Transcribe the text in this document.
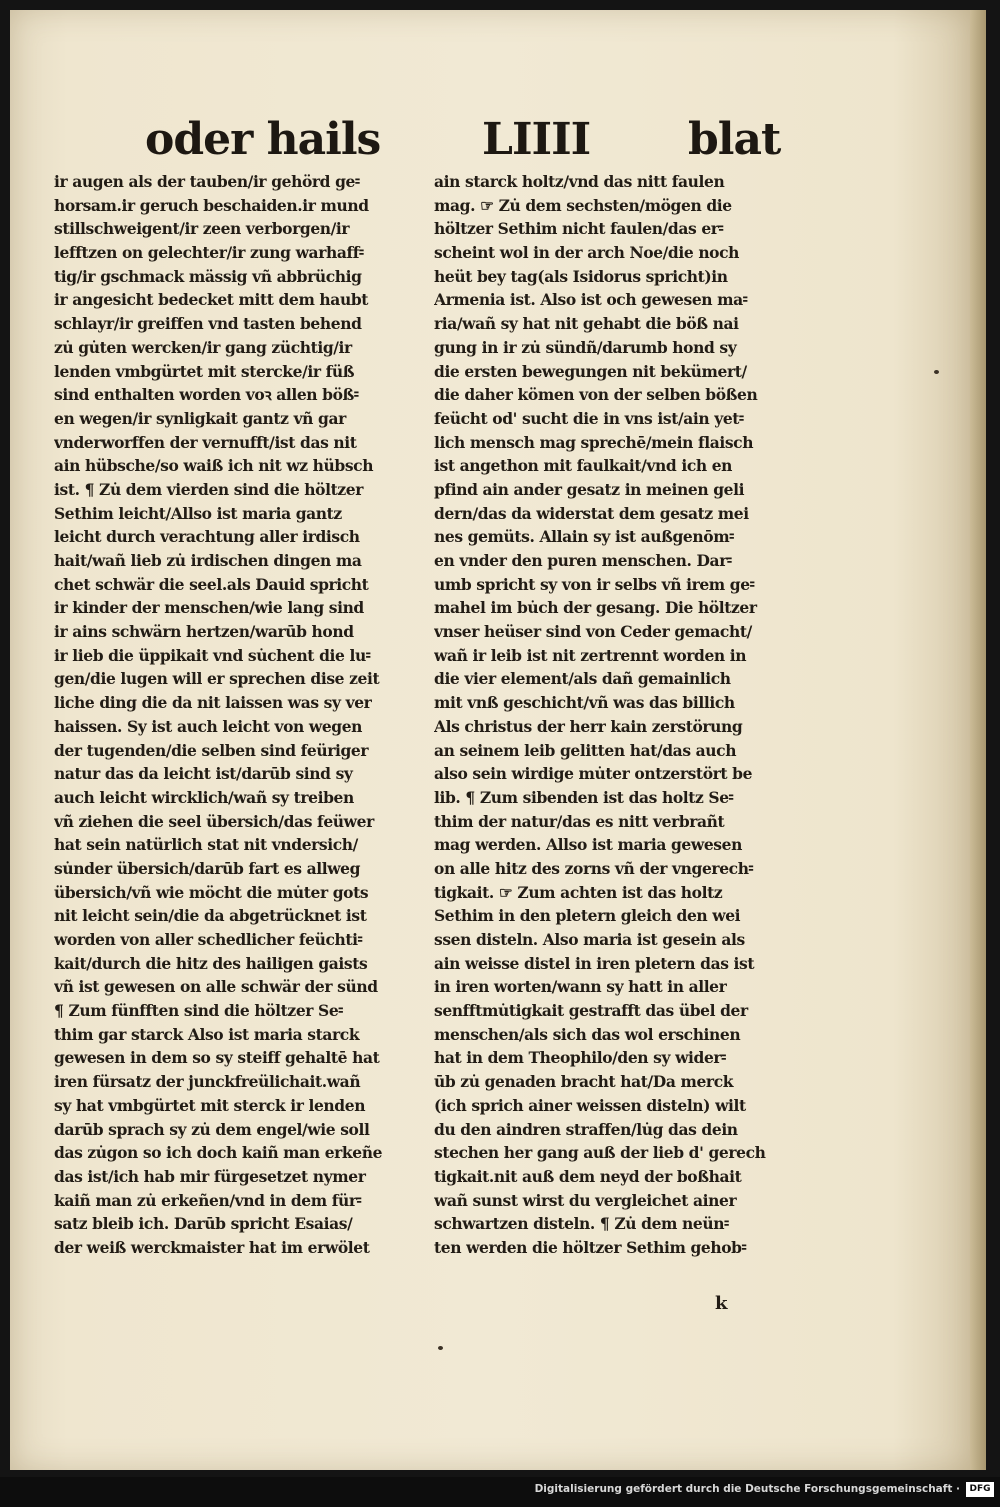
oder hails LIIII blat
ir augen als der tauben/ir gehörd ge⹀
horsam.ir geruch beschaiden.ir mund
stillschweigent/ir zeen verborgen/ir
lefftzen on gelechter/ir zung warhaff⹀
tig/ir gschmack mässig vñ abbrüchig
ir angesicht bedecket mitt dem haubt
schlayr/ir greiffen vnd tasten behend
zu̇ gu̇ten wercken/ir gang züchtig/ir
lenden vmbgürtet mit stercke/ir füß
sind enthalten worden voꝛ allen böß⹀
en wegen/ir synligkait gantz vñ gar
vnderworffen der vernufft/ist das nit
ain hübsche/so waiß ich nit wz hübsch
ist. ¶ Zu̇ dem vierden sind die höltzer
Sethim leicht/Allso ist maria gantz
leicht durch verachtung aller irdisch
hait/wañ lieb zu̇ irdischen dingen ma
chet schwär die seel.als Dauid spricht
ir kinder der menschen/wie lang sind
ir ains schwärn hertzen/warūb hond
ir lieb die üppikait vnd su̇chent die lu⹀
gen/die lugen will er sprechen dise zeit
liche ding die da nit laissen was sy ver
haissen. Sy ist auch leicht von wegen
der tugenden/die selben sind feüriger
natur das da leicht ist/darūb sind sy
auch leicht wircklich/wañ sy treiben
vñ ziehen die seel übersich/das feüwer
hat sein natürlich stat nit vndersich/
su̇nder übersich/darūb fart es allweg
übersich/vñ wie möcht die mu̇ter gots
nit leicht sein/die da abgetrücknet ist
worden von aller schedlicher feüchti⹀
kait/durch die hitz des hailigen gaists
vñ ist gewesen on alle schwär der sünd
¶ Zum fünfften sind die höltzer Se⹀
thim gar starck Also ist maria starck
gewesen in dem so sy steiff gehaltē hat
iren fürsatz der junckfreülichait.wañ
sy hat vmbgürtet mit sterck ir lenden
darūb sprach sy zu̇ dem engel/wie soll
das zu̇gon so ich doch kaiñ man erkeñe
das ist/ich hab mir fürgesetzet nymer
kaiñ man zu̇ erkeñen/vnd in dem für⹀
satz bleib ich. Darūb spricht Esaias/
der weiß werckmaister hat im erwölet
ain starck holtz/vnd das nitt faulen
mag. ☞ Zu̇ dem sechsten/mögen die
höltzer Sethim nicht faulen/das er⹀
scheint wol in der arch Noe/die noch
heüt bey tag(als Isidorus spricht)in
Armenia ist. Also ist och gewesen ma⹀
ria/wañ sy hat nit gehabt die böß nai
gung in ir zu̇ sündñ/darumb hond sy
die ersten bewegungen nit bekümert/
die daher kömen von der selben bößen
feücht od' sucht die in vns ist/ain yet⹀
lich mensch mag sprechē/mein flaisch
ist angethon mit faulkait/vnd ich en
pfind ain ander gesatz in meinen geli
dern/das da widerstat dem gesatz mei
nes gemüts. Allain sy ist außgenōm⹀
en vnder den puren menschen. Dar⹀
umb spricht sy von ir selbs vñ irem ge⹀
mahel im bu̇ch der gesang. Die höltzer
vnser heüser sind von Ceder gemacht/
wañ ir leib ist nit zertrennt worden in
die vier element/als dañ gemainlich
mit vnß geschicht/vñ was das billich
Als christus der herr kain zerstörung
an seinem leib gelitten hat/das auch
also sein wirdige mu̇ter ontzerstört be
lib. ¶ Zum sibenden ist das holtz Se⹀
thim der natur/das es nitt verbrañt
mag werden. Allso ist maria gewesen
on alle hitz des zorns vñ der vngerech⹀
tigkait. ☞ Zum achten ist das holtz
Sethim in den pletern gleich den wei
ssen disteln. Also maria ist gesein als
ain weisse distel in iren pletern das ist
in iren worten/wann sy hatt in aller
senfftmu̇tigkait gestrafft das übel der
menschen/als sich das wol erschinen
hat in dem Theophilo/den sy wider⹀
ūb zu̇ genaden bracht hat/Da merck
(ich sprich ainer weissen disteln) wilt
du den aindren straffen/lu̇g das dein
stechen her gang auß der lieb d' gerech
tigkait.nit auß dem neyd der boßhait
wañ sunst wirst du vergleichet ainer
schwartzen disteln. ¶ Zu̇ dem neün⹀
ten werden die höltzer Sethim gehob⹀
k
Digitalisierung gefördert durch die Deutsche Forschungsgemeinschaft ·	DFG
